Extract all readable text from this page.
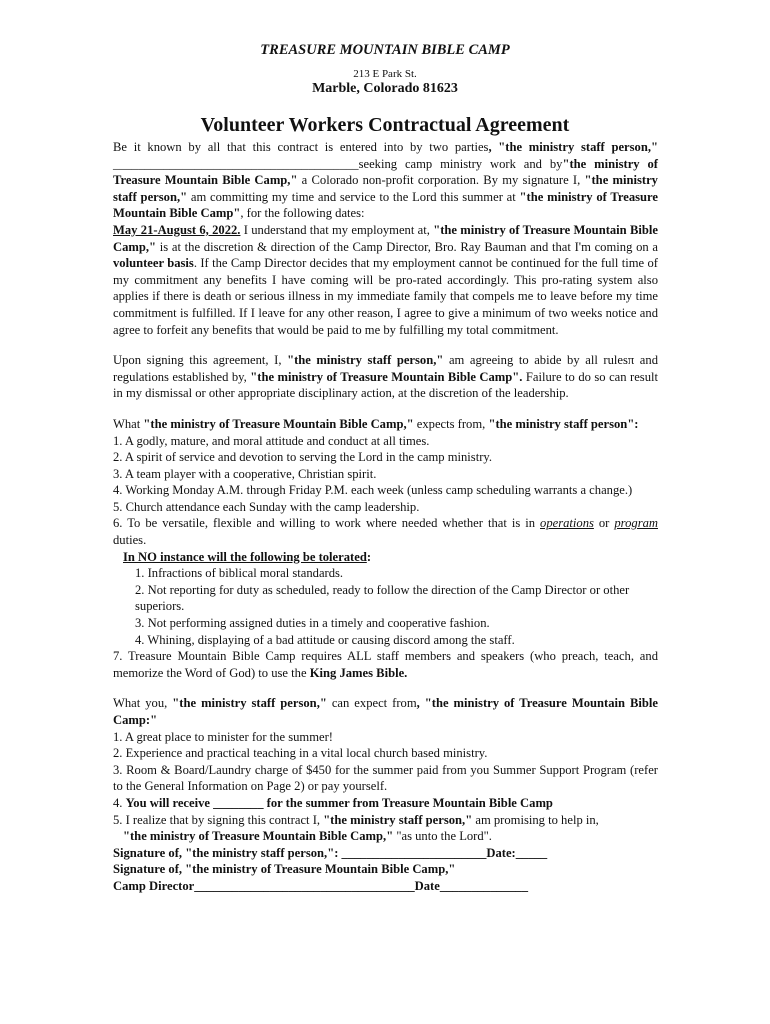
TREASURE MOUNTAIN BIBLE CAMP
213 E Park St.
Marble, Colorado 81623
Volunteer Workers Contractual Agreement

Be it known by all that this contract is entered into by two parties, "the ministry staff person," _______________________________________seeking camp ministry work and by"the ministry of Treasure Mountain Bible Camp," a Colorado non-profit corporation. By my signature I, "the ministry staff person," am committing my time and service to the Lord this summer at "the ministry of Treasure Mountain Bible Camp", for the following dates:

May 21-August 6, 2022. I understand that my employment at, "the ministry of Treasure Mountain Bible Camp," is at the discretion & direction of the Camp Director, Bro. Ray Bauman and that I'm coming on a volunteer basis. If the Camp Director decides that my employment cannot be continued for the full time of my commitment any benefits I have coming will be pro-rated accordingly. This pro-rating system also applies if there is death or serious illness in my immediate family that compels me to leave before my time commitment is fulfilled. If I leave for any other reason, I agree to give a minimum of two weeks notice and agree to forfeit any benefits that would be paid to me by fulfilling my total commitment.

Upon signing this agreement, I, "the ministry staff person," am agreeing to abide by all rulesπ and regulations established by, "the ministry of Treasure Mountain Bible Camp". Failure to do so can result in my dismissal or other appropriate disciplinary action, at the discretion of the leadership.

What "the ministry of Treasure Mountain Bible Camp," expects from, "the ministry staff person":

1. A godly, mature, and moral attitude and conduct at all times.
2. A spirit of service and devotion to serving the Lord in the camp ministry.
3. A team player with a cooperative, Christian spirit.
4. Working Monday A.M. through Friday P.M. each week (unless camp scheduling warrants a change.)
5. Church attendance each Sunday with the camp leadership.

6. To be versatile, flexible and willing to work where needed whether that is in operations or program duties.

In NO instance will the following be tolerated:
1. Infractions of biblical moral standards.
2. Not reporting for duty as scheduled, ready to follow the direction of the Camp Director or other superiors.
3. Not performing assigned duties in a timely and cooperative fashion.
4. Whining, displaying of a bad attitude or causing discord among the staff.

7. Treasure Mountain Bible Camp requires ALL staff members and speakers (who preach, teach, and memorize the Word of God) to use the King James Bible.

What you, "the ministry staff person," can expect from, "the ministry of Treasure Mountain Bible Camp:"

1. A great place to minister for the summer!
2. Experience and practical teaching in a vital local church based ministry.
3. Room & Board/Laundry charge of $450 for the summer paid from you Summer Support Program (refer to the General Information on Page 2) or pay yourself.
4. You will receive ________ for the summer from Treasure Mountain Bible Camp
5. I realize that by signing this contract I, "the ministry staff person," am promising to help in,
"the ministry of Treasure Mountain Bible Camp," "as unto the Lord".
Signature of, "the ministry staff person,": _______________________Date:_____
Signature of, "the ministry of Treasure Mountain Bible Camp,"
Camp Director___________________________________Date______________
